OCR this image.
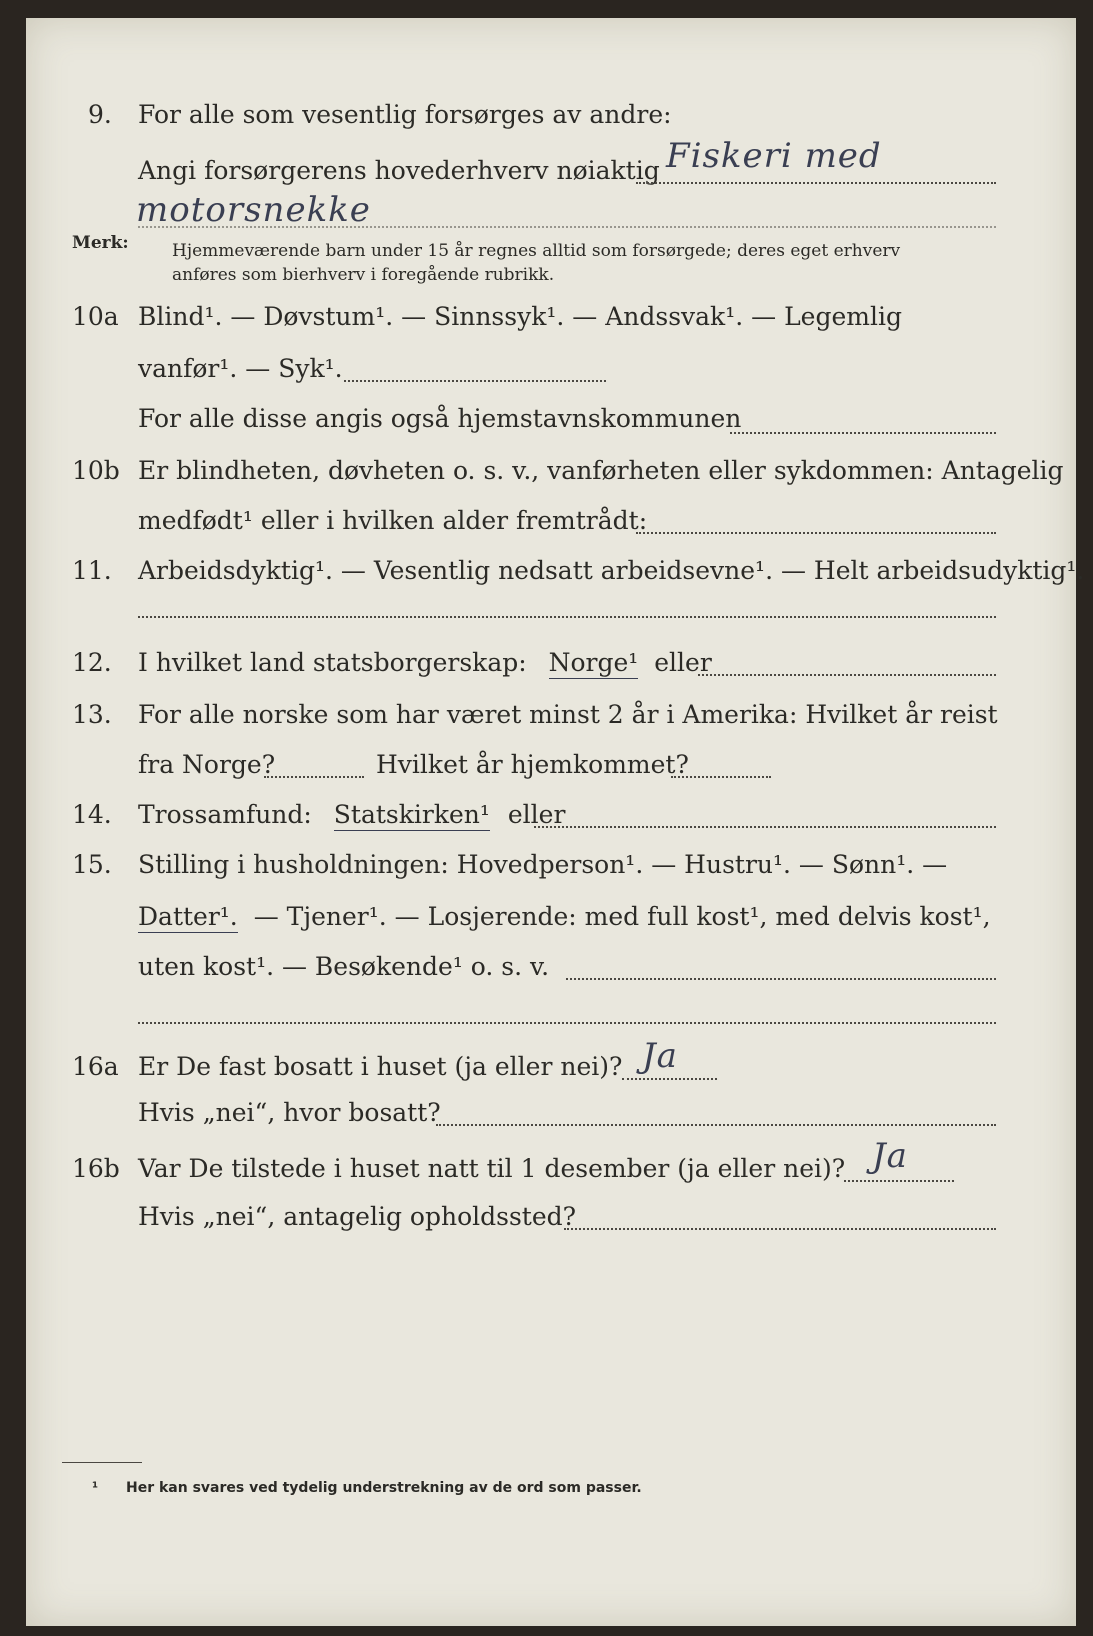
9. For alle som vesentlig forsørges av andre:
Angi forsørgerens hovederhverv nøiaktig Fiskeri med
motorsnekke
Merk:	Hjemmeværende barn under 15 år regnes alltid som forsørgede; deres eget erhverv
anføres som bierhverv i foregående rubrikk.
10a Blind¹. — Døvstum¹. — Sinnssyk¹. — Andssvak¹. — Legemlig
vanfør¹. — Syk¹.
For alle disse angis også hjemstavnskommunen
10b Er blindheten, døvheten o. s. v., vanførheten eller sykdommen: Antagelig
medfødt¹ eller i hvilken alder fremtrådt:
11. Arbeidsdyktig¹. — Vesentlig nedsatt arbeidsevne¹. — Helt arbeidsudyktig¹.
12. I hvilket land statsborgerskap: Norge¹ eller
13. For alle norske som har været minst 2 år i Amerika: Hvilket år reist
fra Norge?	Hvilket år hjemkommet?
14. Trossamfund: Statskirken¹ eller
15. Stilling i husholdningen: Hovedperson¹. — Hustru¹. — Sønn¹. —
Datter¹. — Tjener¹. — Losjerende: med full kost¹, med delvis kost¹,
uten kost¹. — Besøkende¹ o. s. v.
16a Er De fast bosatt i huset (ja eller nei)? Ja
Hvis „nei“, hvor bosatt?
16b Var De tilstede i huset natt til 1 desember (ja eller nei)? Ja
Hvis „nei“, antagelig opholdssted?
¹ Her kan svares ved tydelig understrekning av de ord som passer.
